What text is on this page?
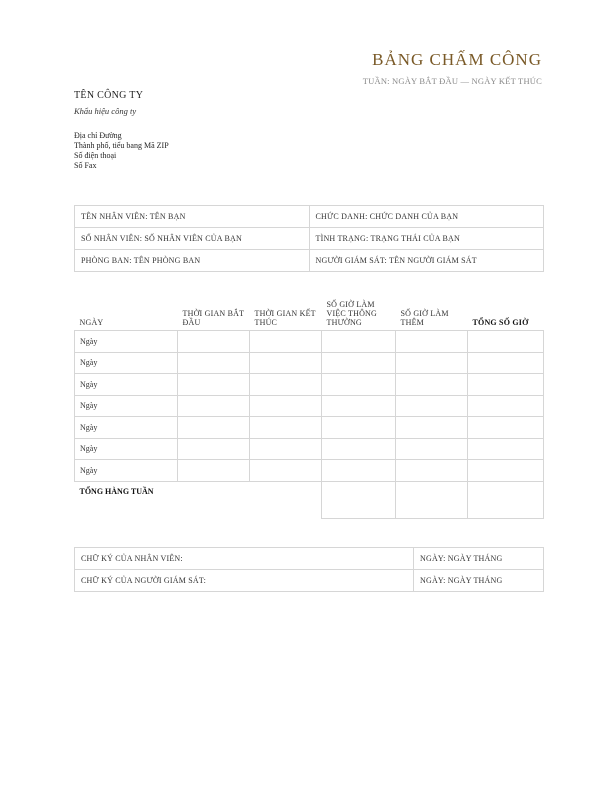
BẢNG CHẤM CÔNG
TUẦN: NGÀY BẮT ĐẦU — NGÀY KẾT THÚC
TÊN CÔNG TY
Khẩu hiệu công ty
Địa chỉ Đường
Thành phố, tiểu bang Mã ZIP
Số điện thoại
Số Fax
TÊN NHÂN VIÊN: TÊN BẠN	CHỨC DANH: CHỨC DANH CỦA BẠN
SỐ NHÂN VIÊN: SỐ NHÂN VIÊN CỦA BẠN	TÌNH TRẠNG: TRẠNG THÁI CỦA BẠN
PHÒNG BAN: TÊN PHÒNG BAN	NGƯỜI GIÁM SÁT: TÊN NGƯỜI GIÁM SÁT
NGÀY	THỜI GIAN BẮT ĐẦU	THỜI GIAN KẾT THÚC	SỐ GIỜ LÀM VIỆC THÔNG THƯỜNG	SỐ GIỜ LÀM THÊM	TỔNG SỐ GIỜ
Ngày					
Ngày					
Ngày					
Ngày					
Ngày					
Ngày					
Ngày					
TỔNG HÀNG TUẦN					
CHỮ KÝ CỦA NHÂN VIÊN:	NGÀY: NGÀY THÁNG
CHỮ KÝ CỦA NGƯỜI GIÁM SÁT:	NGÀY: NGÀY THÁNG
